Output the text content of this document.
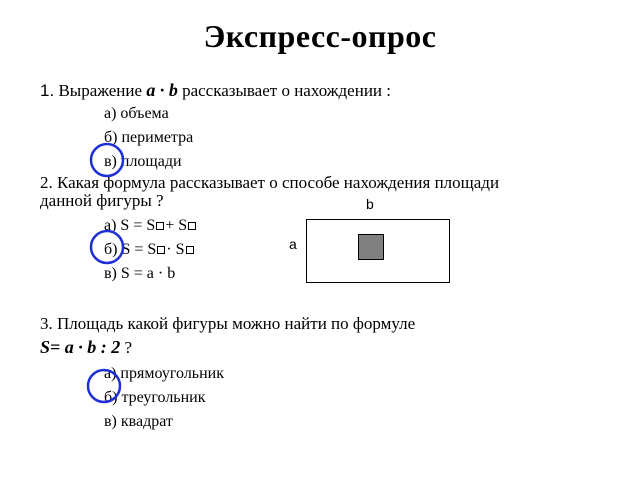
Экспресс-опрос
1. Выражение a · b рассказывает о нахождении :
а) объема
б) периметра
в) площади
2. Какая формула рассказывает о способе нахождения площади
данной фигуры ?
а) S = S + S
б) S = S · S
в) S = a · b
b
a
3. Площадь какой фигуры можно найти по формуле
S= a · b : 2 ?
а) прямоугольник
б) треугольник
в) квадрат
